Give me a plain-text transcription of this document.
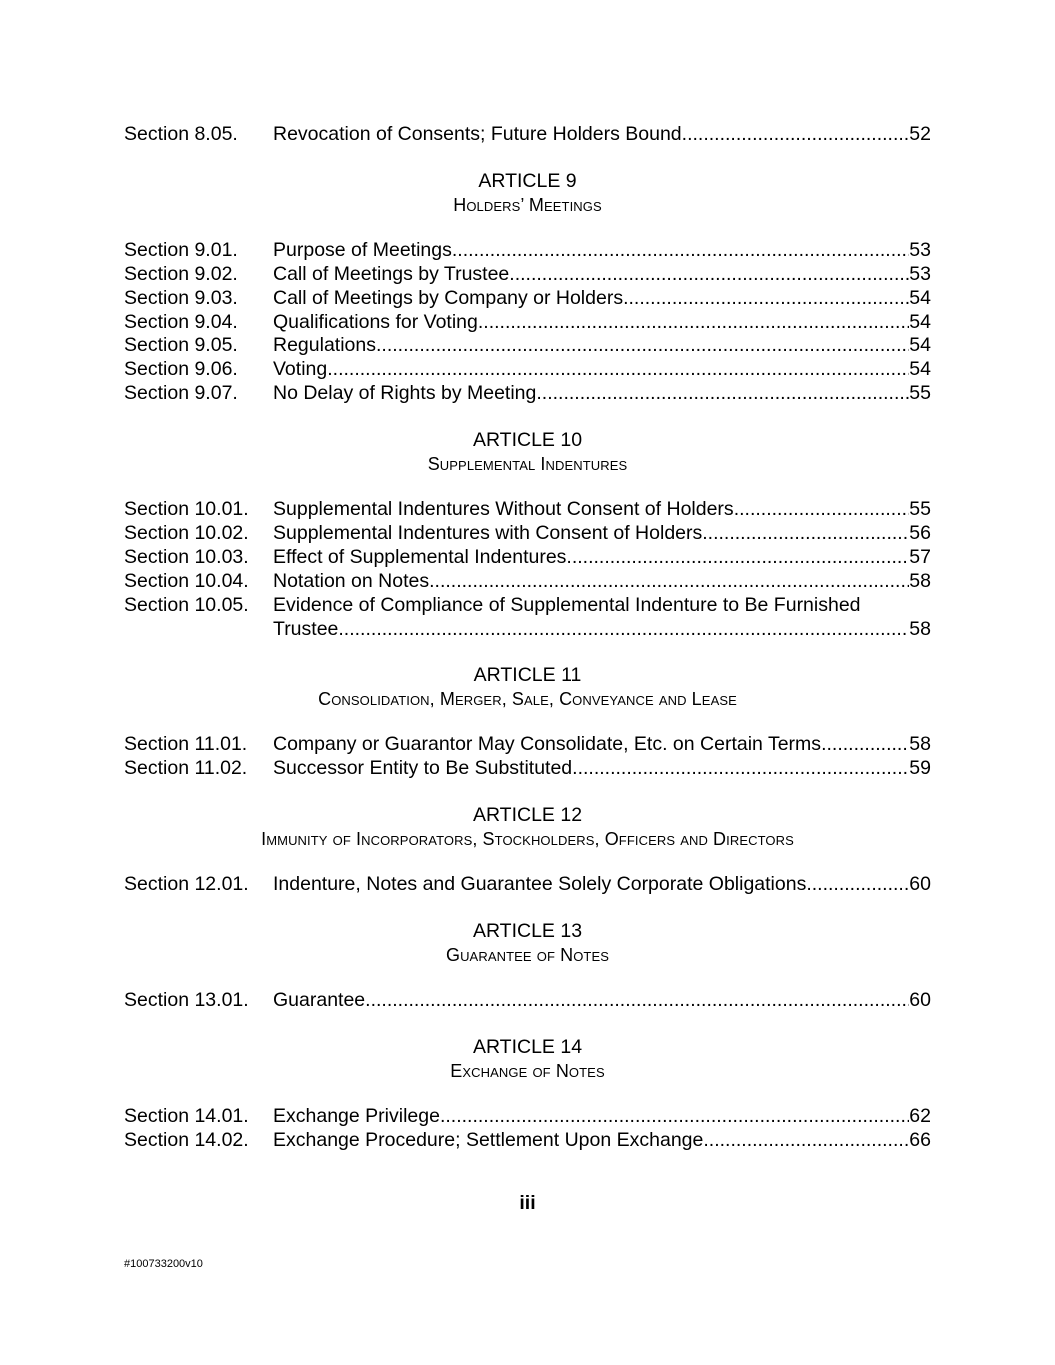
Section 8.05.	Revocation of Consents; Future Holders Bound .....	52
ARTICLE 9
Holders’ Meetings
Section 9.01.	Purpose of Meetings .....	53
Section 9.02.	Call of Meetings by Trustee .....	53
Section 9.03.	Call of Meetings by Company or Holders .....	54
Section 9.04.	Qualifications for Voting .....	54
Section 9.05.	Regulations .....	54
Section 9.06.	Voting.. .....	54
Section 9.07.	No Delay of Rights by Meeting .....	55
ARTICLE 10
Supplemental Indentures
Section 10.01.	Supplemental Indentures Without Consent of Holders .....	55
Section 10.02.	Supplemental Indentures with Consent of Holders .....	56
Section 10.03.	Effect of Supplemental Indentures .....	57
Section 10.04.	Notation on Notes .....	58
Section 10.05.	Evidence of Compliance of Supplemental Indenture to Be Furnished
Trustee .....	58
ARTICLE 11
Consolidation, Merger, Sale, Conveyance and Lease
Section 11.01.	Company or Guarantor May Consolidate, Etc. on Certain Terms .....	58
Section 11.02.	Successor Entity to Be Substituted .....	59
ARTICLE 12
Immunity of Incorporators, Stockholders, Officers and Directors
Section 12.01.	Indenture, Notes and Guarantee Solely Corporate Obligations .....	60
ARTICLE 13
Guarantee of Notes
Section 13.01.	Guarantee .....	60
ARTICLE 14
Exchange of Notes
Section 14.01.	Exchange Privilege .....	62
Section 14.02.	Exchange Procedure; Settlement Upon Exchange .....	66
iii
#100733200v10
